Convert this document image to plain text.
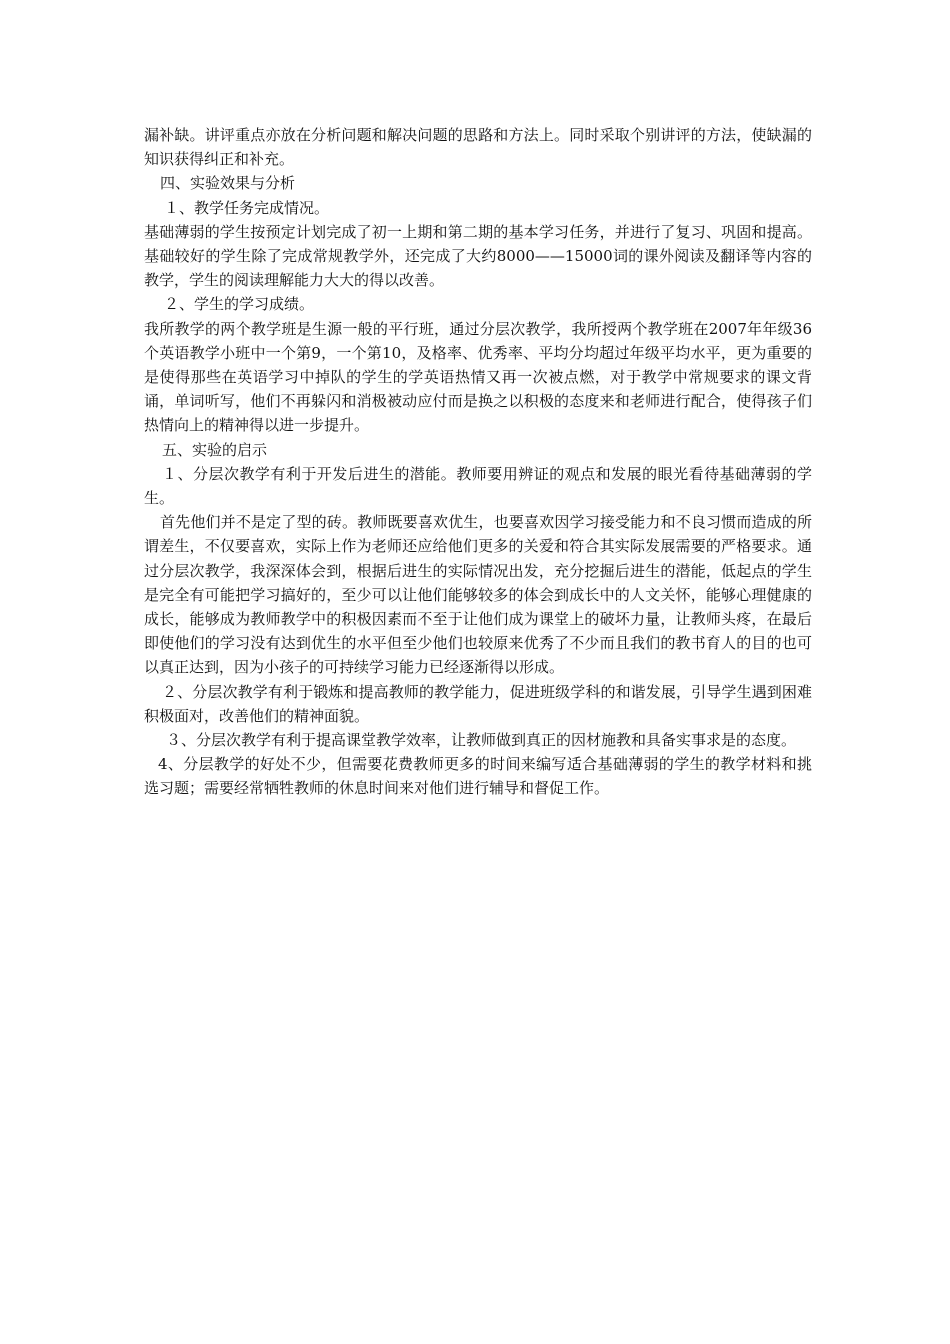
漏补缺。讲评重点亦放在分析问题和解决问题的思路和方法上。同时采取个别讲评的方法，使缺漏的知识获得纠正和补充。

四、实验效果与分析

１、教学任务完成情况。

基础薄弱的学生按预定计划完成了初一上期和第二期的基本学习任务，并进行了复习、巩固和提高。基础较好的学生除了完成常规教学外，还完成了大约8000——15000词的课外阅读及翻译等内容的教学，学生的阅读理解能力大大的得以改善。

２、学生的学习成绩。

我所教学的两个教学班是生源一般的平行班，通过分层次教学，我所授两个教学班在2007年年级36个英语教学小班中一个第9，一个第10，及格率、优秀率、平均分均超过年级平均水平，更为重要的是使得那些在英语学习中掉队的学生的学英语热情又再一次被点燃，对于教学中常规要求的课文背诵，单词听写，他们不再躲闪和消极被动应付而是换之以积极的态度来和老师进行配合，使得孩子们热情向上的精神得以进一步提升。

五、实验的启示

１、分层次教学有利于开发后进生的潜能。教师要用辨证的观点和发展的眼光看待基础薄弱的学生。

首先他们并不是定了型的砖。教师既要喜欢优生，也要喜欢因学习接受能力和不良习惯而造成的所谓差生，不仅要喜欢，实际上作为老师还应给他们更多的关爱和符合其实际发展需要的严格要求。通过分层次教学，我深深体会到，根据后进生的实际情况出发，充分挖掘后进生的潜能，低起点的学生是完全有可能把学习搞好的，至少可以让他们能够较多的体会到成长中的人文关怀，能够心理健康的成长，能够成为教师教学中的积极因素而不至于让他们成为课堂上的破坏力量，让教师头疼，在最后即使他们的学习没有达到优生的水平但至少他们也较原来优秀了不少而且我们的教书育人的目的也可以真正达到，因为小孩子的可持续学习能力已经逐渐得以形成。

２、分层次教学有利于锻炼和提高教师的教学能力，促进班级学科的和谐发展，引导学生遇到困难积极面对，改善他们的精神面貌。

３、分层次教学有利于提高课堂教学效率，让教师做到真正的因材施教和具备实事求是的态度。

4、分层教学的好处不少，但需要花费教师更多的时间来编写适合基础薄弱的学生的教学材料和挑选习题；需要经常牺牲教师的休息时间来对他们进行辅导和督促工作。
